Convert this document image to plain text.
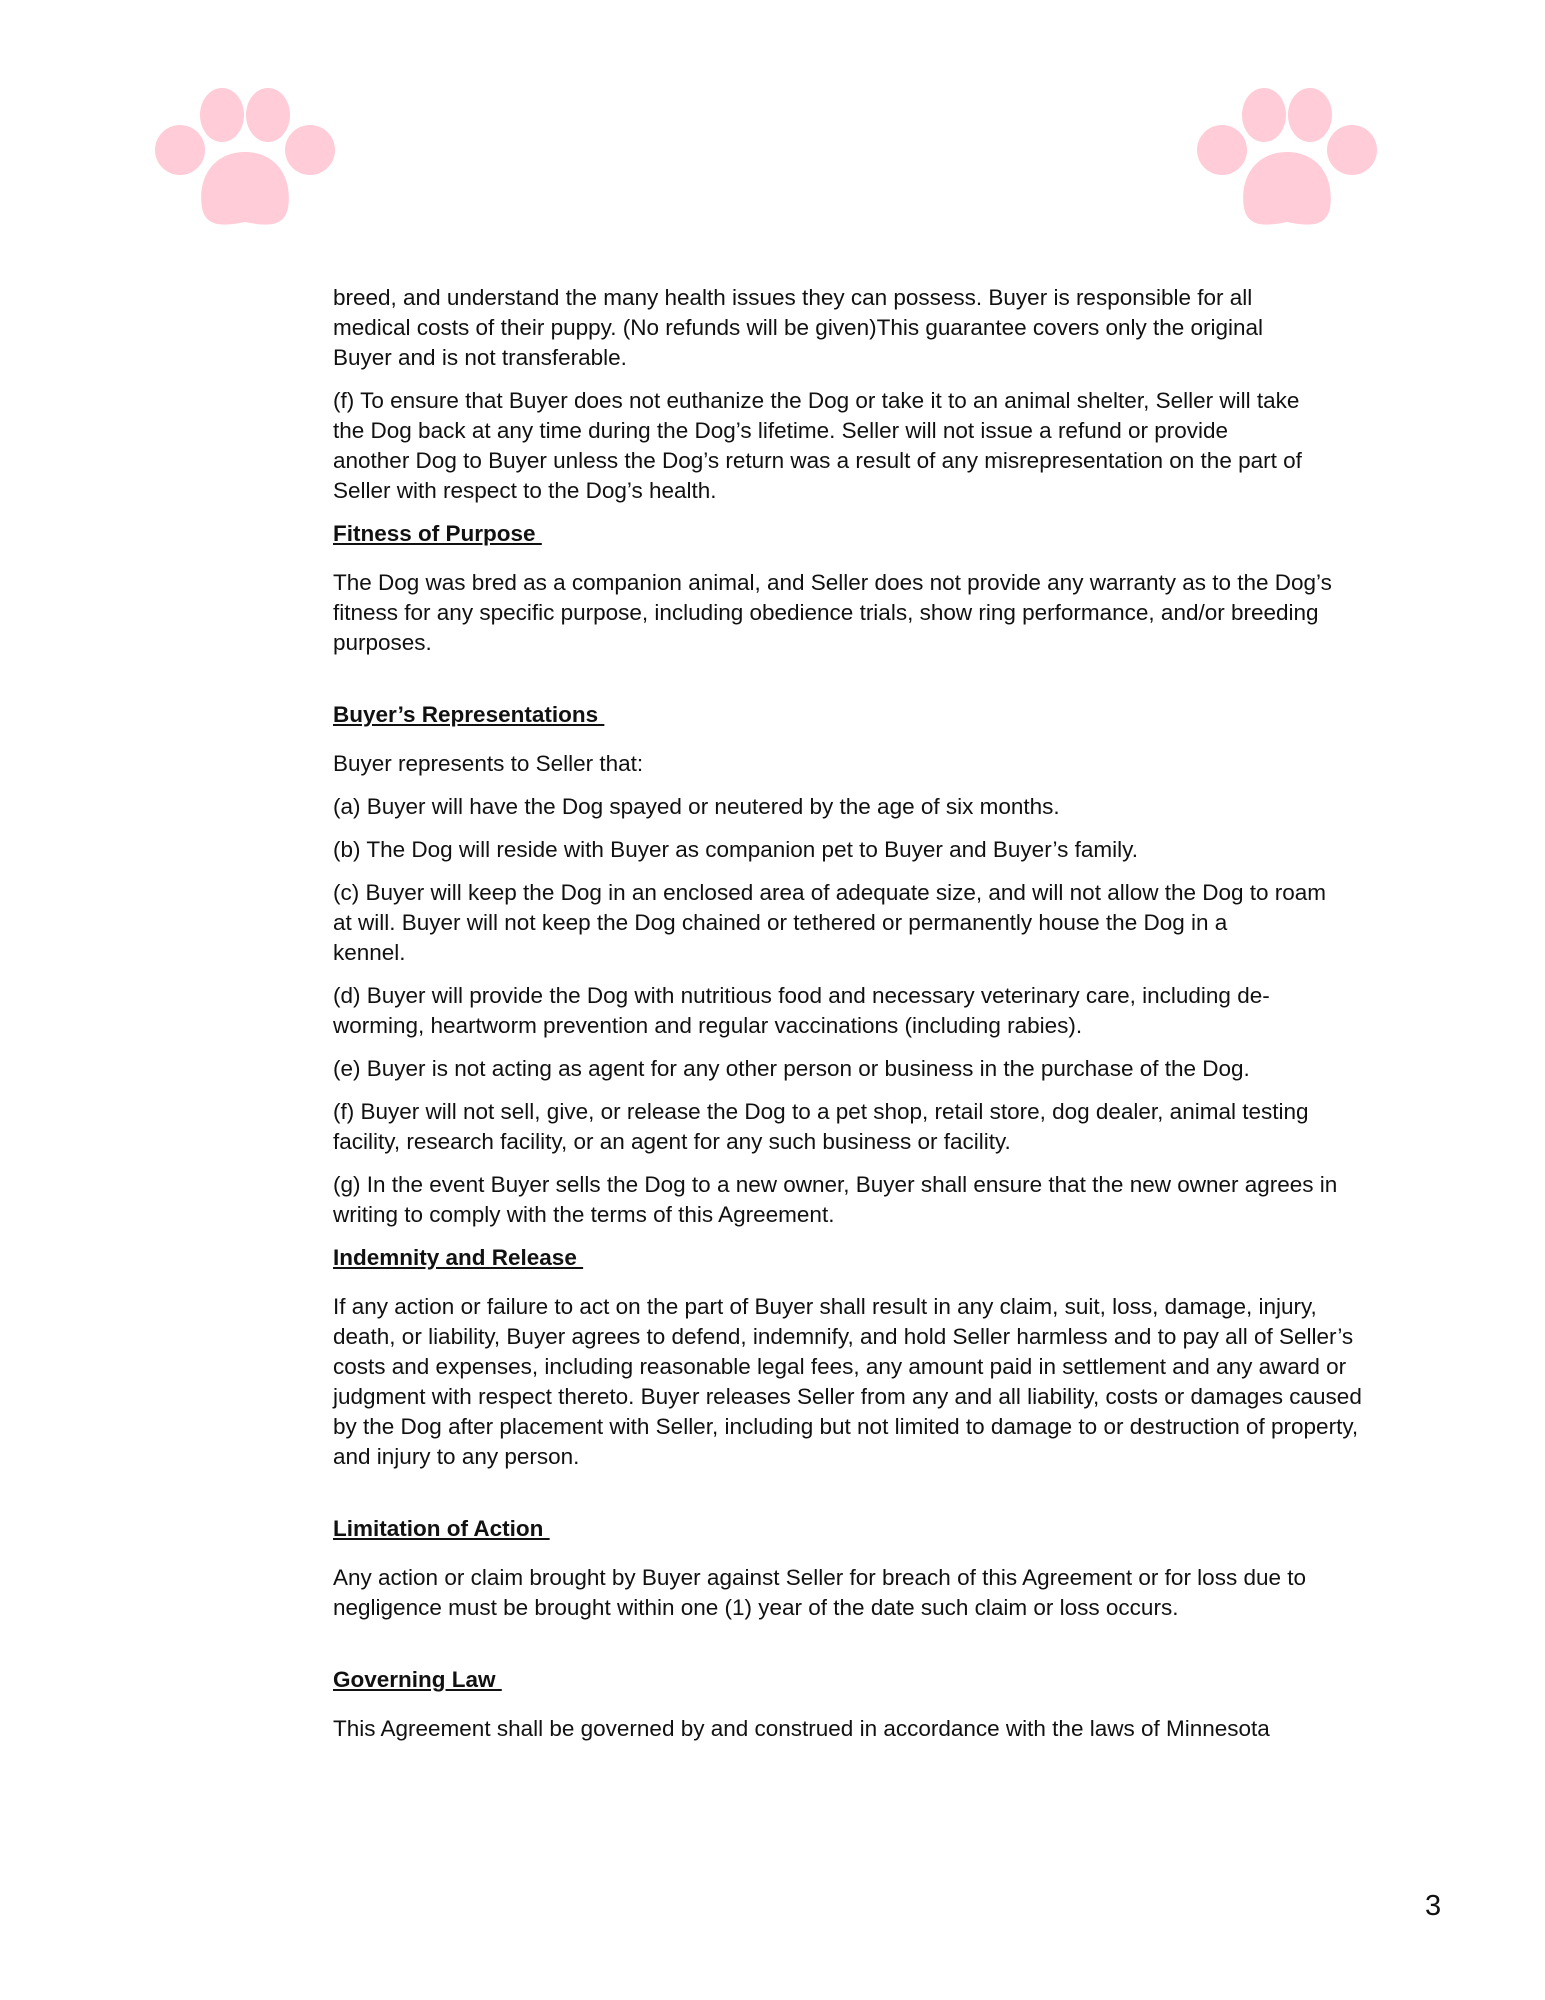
breed, and understand the many health issues they can possess. Buyer is responsible for all
medical costs of their puppy. (No refunds will be given)This guarantee covers only the original
Buyer and is not transferable.

(f) To ensure that Buyer does not euthanize the Dog or take it to an animal shelter, Seller will take
the Dog back at any time during the Dog’s lifetime. Seller will not issue a refund or provide
another Dog to Buyer unless the Dog’s return was a result of any misrepresentation on the part of
Seller with respect to the Dog’s health.

Fitness of Purpose

The Dog was bred as a companion animal, and Seller does not provide any warranty as to the Dog’s
fitness for any specific purpose, including obedience trials, show ring performance, and/or breeding
purposes.

Buyer’s Representations

Buyer represents to Seller that:

(a) Buyer will have the Dog spayed or neutered by the age of six months.

(b) The Dog will reside with Buyer as companion pet to Buyer and Buyer’s family.

(c) Buyer will keep the Dog in an enclosed area of adequate size, and will not allow the Dog to roam
at will. Buyer will not keep the Dog chained or tethered or permanently house the Dog in a
kennel.

(d) Buyer will provide the Dog with nutritious food and necessary veterinary care, including de-
worming, heartworm prevention and regular vaccinations (including rabies).

(e) Buyer is not acting as agent for any other person or business in the purchase of the Dog.

(f) Buyer will not sell, give, or release the Dog to a pet shop, retail store, dog dealer, animal testing
facility, research facility, or an agent for any such business or facility.

(g) In the event Buyer sells the Dog to a new owner, Buyer shall ensure that the new owner agrees in
writing to comply with the terms of this Agreement.

Indemnity and Release

If any action or failure to act on the part of Buyer shall result in any claim, suit, loss, damage, injury,
death, or liability, Buyer agrees to defend, indemnify, and hold Seller harmless and to pay all of Seller’s
costs and expenses, including reasonable legal fees, any amount paid in settlement and any award or
judgment with respect thereto. Buyer releases Seller from any and all liability, costs or damages caused
by the Dog after placement with Seller, including but not limited to damage to or destruction of property,
and injury to any person.

Limitation of Action

Any action or claim brought by Buyer against Seller for breach of this Agreement or for loss due to
negligence must be brought within one (1) year of the date such claim or loss occurs.

Governing Law

This Agreement shall be governed by and construed in accordance with the laws of Minnesota

3
